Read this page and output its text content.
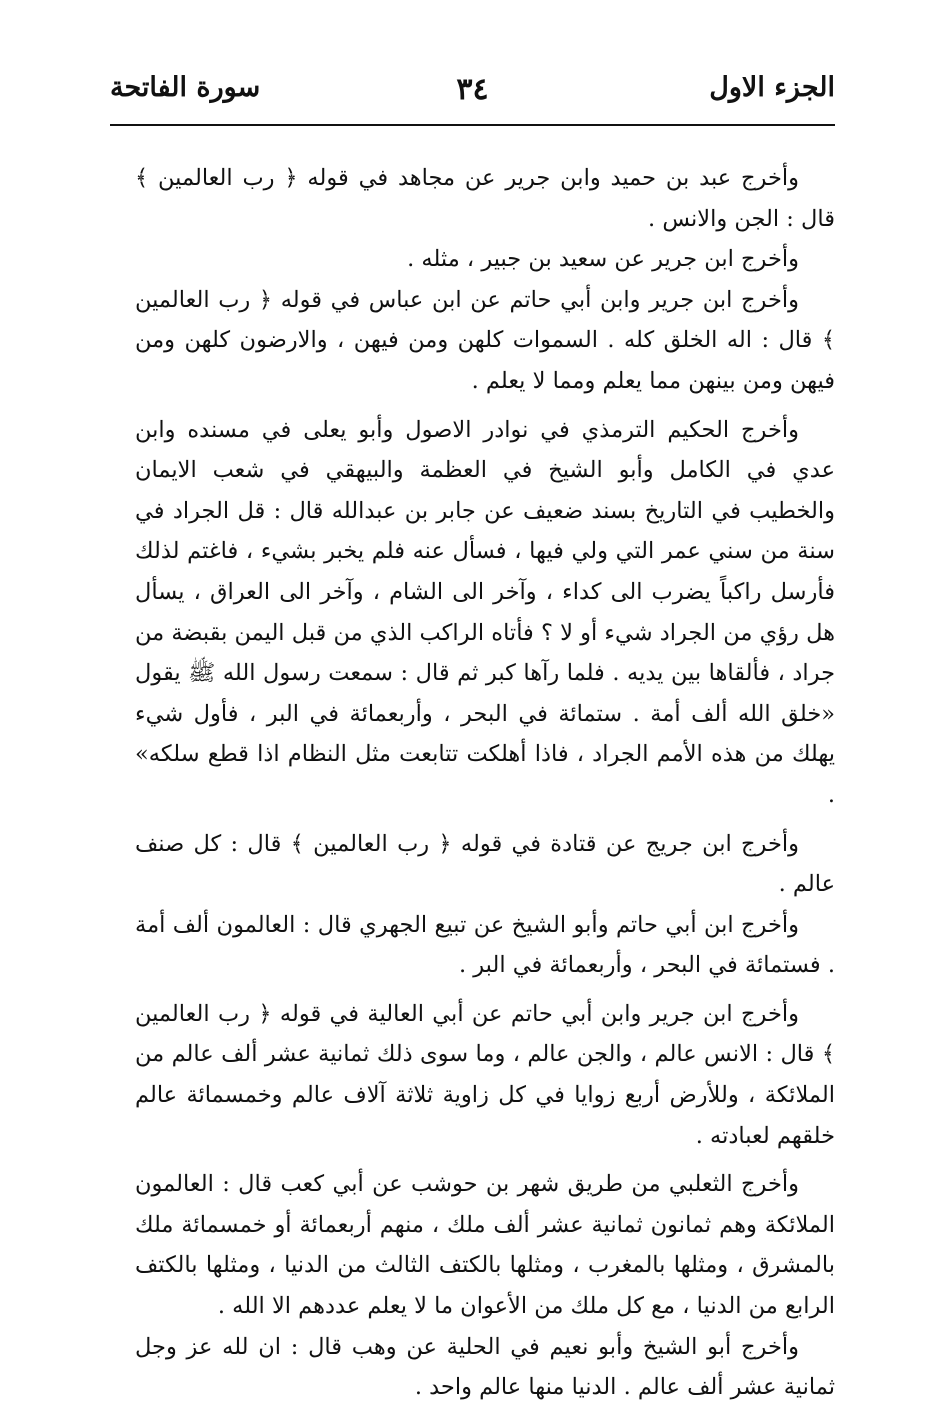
الجزء الاول
٣٤
سورة الفاتحة

وأخرج عبد بن حميد وابن جرير عن مجاهد في قوله ﴿ رب العالمين ﴾ قال : الجن والانس .

وأخرج ابن جرير عن سعيد بن جبير ، مثله .

وأخرج ابن جرير وابن أبي حاتم عن ابن عباس في قوله ﴿ رب العالمين ﴾ قال : اله الخلق كله . السموات كلهن ومن فيهن ، والارضون كلهن ومن فيهن ومن بينهن مما يعلم ومما لا يعلم .

وأخرج الحكيم الترمذي في نوادر الاصول وأبو يعلى في مسنده وابن عدي في الكامل وأبو الشيخ في العظمة والبيهقي في شعب الايمان والخطيب في التاريخ بسند ضعيف عن جابر بن عبدالله قال : قل الجراد في سنة من سني عمر التي ولي فيها ، فسأل عنه فلم يخبر بشيء ، فاغتم لذلك فأرسل راكباً يضرب الى كداء ، وآخر الى الشام ، وآخر الى العراق ، يسأل هل رؤي من الجراد شيء أو لا ؟ فأتاه الراكب الذي من قبل اليمن بقبضة من جراد ، فألقاها بين يديه . فلما رآها كبر ثم قال : سمعت رسول الله ﷺ يقول «خلق الله ألف أمة . ستمائة في البحر ، وأربعمائة في البر ، فأول شيء يهلك من هذه الأمم الجراد ، فاذا أهلكت تتابعت مثل النظام اذا قطع سلكه» .

وأخرج ابن جريج عن قتادة في قوله ﴿ رب العالمين ﴾ قال : كل صنف عالم .

وأخرج ابن أبي حاتم وأبو الشيخ عن تبيع الجهري قال : العالمون ألف أمة . فستمائة في البحر ، وأربعمائة في البر .

وأخرج ابن جرير وابن أبي حاتم عن أبي العالية في قوله ﴿ رب العالمين ﴾ قال : الانس عالم ، والجن عالم ، وما سوى ذلك ثمانية عشر ألف عالم من الملائكة ، وللأرض أربع زوايا في كل زاوية ثلاثة آلاف عالم وخمسمائة عالم خلقهم لعبادته .

وأخرج الثعلبي من طريق شهر بن حوشب عن أبي كعب قال : العالمون الملائكة وهم ثمانون ثمانية عشر ألف ملك ، منهم أربعمائة أو خمسمائة ملك بالمشرق ، ومثلها بالمغرب ، ومثلها بالكتف الثالث من الدنيا ، ومثلها بالكتف الرابع من الدنيا ، مع كل ملك من الأعوان ما لا يعلم عددهم الا الله .

وأخرج أبو الشيخ وأبو نعيم في الحلية عن وهب قال : ان لله عز وجل ثمانية عشر ألف عالم . الدنيا منها عالم واحد .
